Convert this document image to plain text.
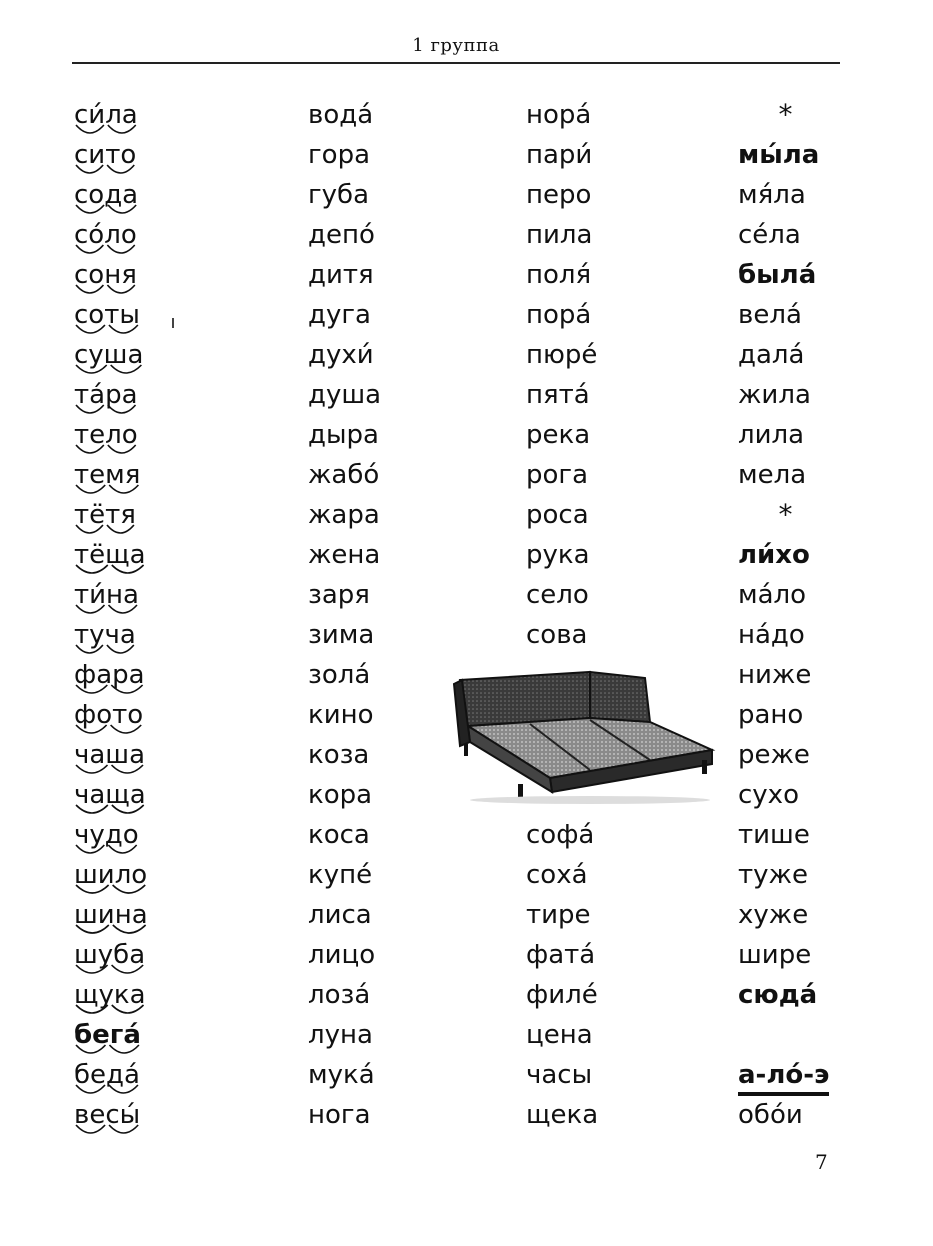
1 группа
си́ла
сито
сода
со́ло
соня
соты
суша
та́ра
тело
темя
тётя
тёща
ти́на
туча
фара
фото
чаша
чаща
чудо
шило
шина
шуба
щука
бега́
беда́
весы́
вода́
гора
губа
депо́
дитя
дуга
духи́
душа
дыра
жабо́
жара
жена
заря
зима
зола́
кино
коза
кора
коса
купе́
лиса
лицо
лоза́
луна
мука́
нога
нора́
пари́
перо
пила
поля́
пора́
пюре́
пята́
река
рога
роса
рука
село
сова
софа́
соха́
тире
фата́
филе́
цена
часы
щека
*
мы́ла
мя́ла
се́ла
была́
вела́
дала́
жила
лила
мела
*
ли́хо
ма́ло
на́до
ниже
рано
реже
сухо
тише
туже
хуже
шире
сюда́
а-ло́-э
обо́и
7
